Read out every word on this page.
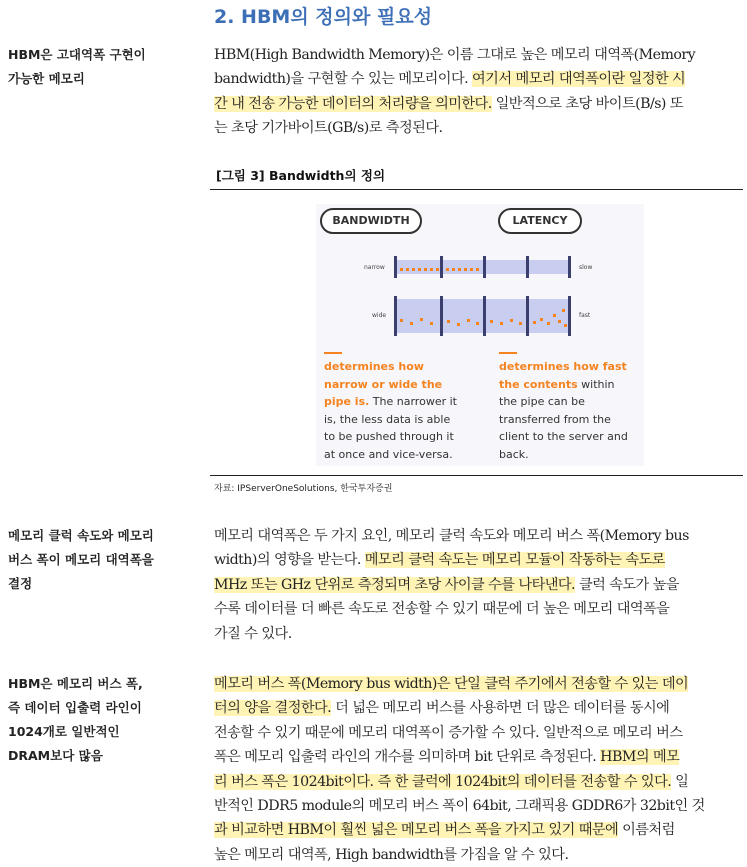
2. HBM의 정의와 필요성
HBM은 고대역폭 구현이
가능한 메모리
HBM(High Bandwidth Memory)은 이름 그대로 높은 메모리 대역폭(Memory
bandwidth)을 구현할 수 있는 메모리이다. 여기서 메모리 대역폭이란 일정한 시
간 내 전송 가능한 데이터의 처리량을 의미한다. 일반적으로 초당 바이트(B/s) 또
는 초당 기가바이트(GB/s)로 측정된다.
[그림 3] Bandwidth의 정의
BANDWIDTH	LATENCY
narrow	slow
wide	fast
determines how
narrow or wide the
pipe is. The narrower it
is, the less data is able
to be pushed through it
at once and vice-versa.
determines how fast
the contents within
the pipe can be
transferred from the
client to the server and
back.
자료: IPServerOneSolutions, 한국투자증권
메모리 클럭 속도와 메모리
버스 폭이 메모리 대역폭을
결정
메모리 대역폭은 두 가지 요인, 메모리 클럭 속도와 메모리 버스 폭(Memory bus
width)의 영향을 받는다. 메모리 클럭 속도는 메모리 모듈이 작동하는 속도로
MHz 또는 GHz 단위로 측정되며 초당 사이클 수를 나타낸다. 클럭 속도가 높을
수록 데이터를 더 빠른 속도로 전송할 수 있기 때문에 더 높은 메모리 대역폭을
가질 수 있다.
HBM은 메모리 버스 폭,
즉 데이터 입출력 라인이
1024개로 일반적인
DRAM보다 많음
메모리 버스 폭(Memory bus width)은 단일 클럭 주기에서 전송할 수 있는 데이
터의 양을 결정한다. 더 넓은 메모리 버스를 사용하면 더 많은 데이터를 동시에
전송할 수 있기 때문에 메모리 대역폭이 증가할 수 있다. 일반적으로 메모리 버스
폭은 메모리 입출력 라인의 개수를 의미하며 bit 단위로 측정된다. HBM의 메모
리 버스 폭은 1024bit이다. 즉 한 클럭에 1024bit의 데이터를 전송할 수 있다. 일
반적인 DDR5 module의 메모리 버스 폭이 64bit, 그래픽용 GDDR6가 32bit인 것
과 비교하면 HBM이 훨씬 넓은 메모리 버스 폭을 가지고 있기 때문에 이름처럼
높은 메모리 대역폭, High bandwidth를 가짐을 알 수 있다.
